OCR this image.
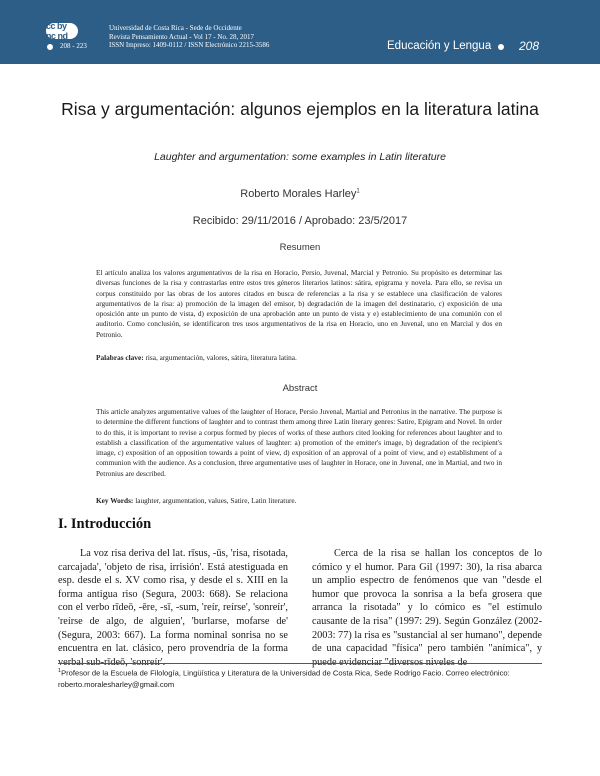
cc by nc nd
208 - 223
Universidad de Costa Rica - Sede de Occidente
Revista Pensamiento Actual - Vol 17 - No. 28, 2017
ISSN Impreso: 1409-0112 / ISSN Electrónico 2215-3586	Educación y Lengua 208
Risa y argumentación: algunos ejemplos en la literatura latina
Laughter and argumentation: some examples in Latin literature
Roberto Morales Harley$^1$
Recibido: 29/11/2016 / Aprobado: 23/5/2017
Resumen

El artículo analiza los valores argumentativos de la risa en Horacio, Persio, Juvenal, Marcial y Petronio. Su propósito es determinar las diversas funciones de la risa y contrastarlas entre estos tres géneros literarios latinos: sátira, epigrama y novela. Para ello, se revisa un corpus constituido por las obras de los autores citados en busca de referencias a la risa y se establece una clasificación de valores argumentativos de la risa: a) promoción de la imagen del emisor, b) degradación de la imagen del destinatario, c) exposición de una oposición ante un punto de vista, d) exposición de una aprobación ante un punto de vista y e) establecimiento de una comunión con el auditorio. Como conclusión, se identificaron tres usos argumentativos de la risa en Horacio, uno en Juvenal, uno en Marcial y dos en Petronio.

Palabras clave: risa, argumentación, valores, sátira, literatura latina.
Abstract

This article analyzes argumentative values of the laughter of Horace, Persio Juvenal, Martial and Petronius in the narrative. The purpose is to determine the different functions of laughter and to contrast them among three Latin literary genres: Satire, Epigram and Novel. In order to do this, it is important to revise a corpus formed by pieces of works of these authors cited looking for references about laughter and to establish a classification of the argumentative values of laughter: a) promotion of the emitter's image, b) degradation of the recipient's image, c) exposition of an opposition towards a point of view, d) exposition of an approval of a point of view, and e) establishment of a communion with the audience. As a conclusion, three argumentative uses of laughter in Horace, one in Juvenal, one in Martial, and two in Petronius are described.

Key Words: laughter, argumentation, values, Satire, Latin literature.
I. Introducción

La voz risa deriva del lat. rīsus, -ūs, 'risa, risotada, carcajada', 'objeto de risa, irrisión'. Está atestiguada en esp. desde el s. XV como risa, y desde el s. XIII en la forma antigua riso (Segura, 2003: 668). Se relaciona con el verbo rīdeō, -ēre, -sī, -sum, 'reír, reírse', 'sonreír', 'reírse de algo, de alguien', 'burlarse, mofarse de' (Segura, 2003: 667). La forma nominal sonrisa no se encuentra en lat. clásico, pero provendría de la forma verbal sub-rīdeō, 'sonreír'.

Cerca de la risa se hallan los conceptos de lo cómico y el humor. Para Gil (1997: 30), la risa abarca un amplio espectro de fenómenos que van "desde el humor que provoca la sonrisa a la befa grosera que arranca la risotada" y lo cómico es "el estímulo causante de la risa" (1997: 29). Según González (2002-2003: 77) la risa es "sustancial al ser humano", depende de una capacidad "física" pero también "anímica", y puede evidenciar "diversos niveles de

$^1$Profesor de la Escuela de Filología, Lingüística y Literatura de la Universidad de Costa Rica, Sede Rodrigo Facio. Correo electrónico: roberto.moralesharley@gmail.com
